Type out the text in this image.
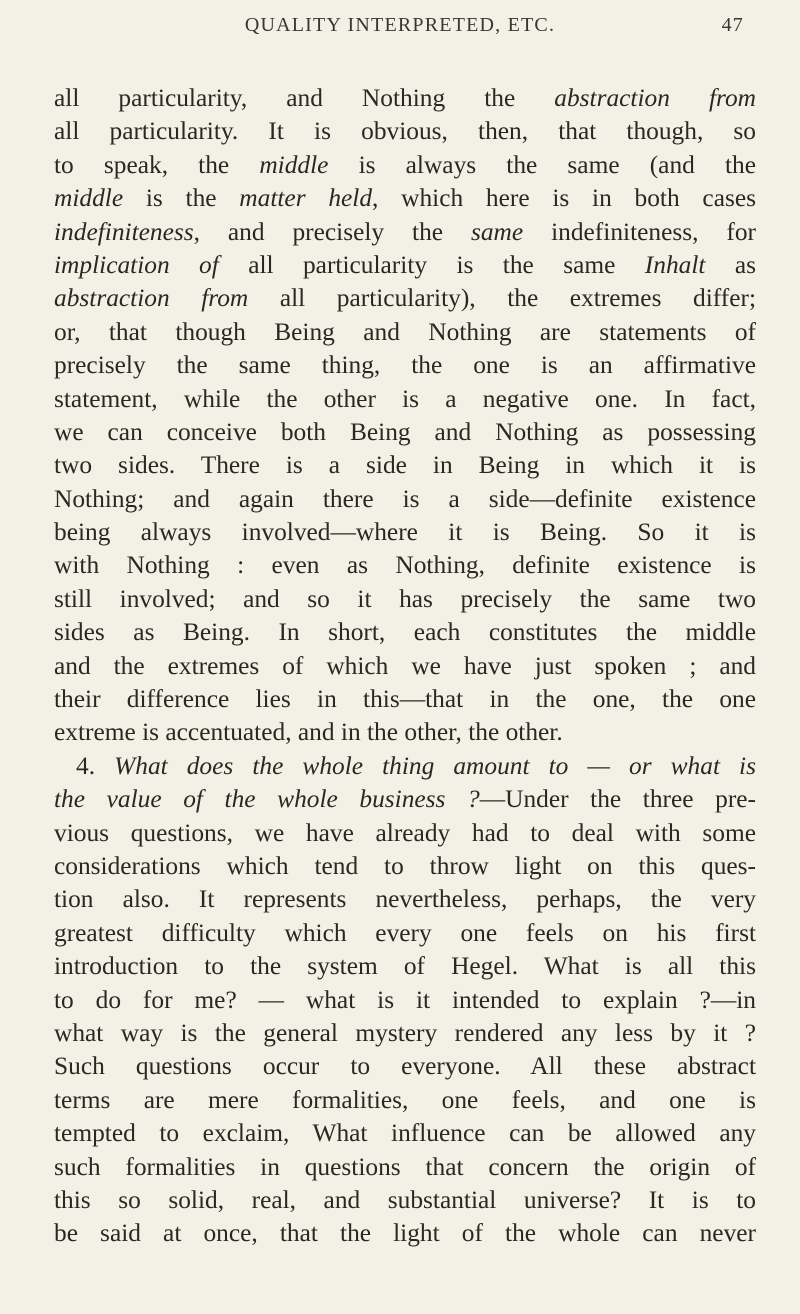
QUALITY INTERPRETED, ETC.	47
all particularity, and Nothing the abstraction from
all particularity. It is obvious, then, that though, so
to speak, the middle is always the same (and the
middle is the matter held, which here is in both cases
indefiniteness, and precisely the same indefiniteness, for
implication of all particularity is the same Inhalt as
abstraction from all particularity), the extremes differ;
or, that though Being and Nothing are statements of
precisely the same thing, the one is an affirmative
statement, while the other is a negative one. In fact,
we can conceive both Being and Nothing as possessing
two sides. There is a side in Being in which it is
Nothing; and again there is a side—definite existence
being always involved—where it is Being. So it is
with Nothing : even as Nothing, definite existence is
still involved; and so it has precisely the same two
sides as Being. In short, each constitutes the middle
and the extremes of which we have just spoken ; and
their difference lies in this—that in the one, the one
extreme is accentuated, and in the other, the other.
4. What does the whole thing amount to — or what is
the value of the whole business ?—Under the three pre-
vious questions, we have already had to deal with some
considerations which tend to throw light on this ques-
tion also. It represents nevertheless, perhaps, the very
greatest difficulty which every one feels on his first
introduction to the system of Hegel. What is all this
to do for me? — what is it intended to explain ?—in
what way is the general mystery rendered any less by it ?
Such questions occur to everyone. All these abstract
terms are mere formalities, one feels, and one is
tempted to exclaim, What influence can be allowed any
such formalities in questions that concern the origin of
this so solid, real, and substantial universe? It is to
be said at once, that the light of the whole can never
